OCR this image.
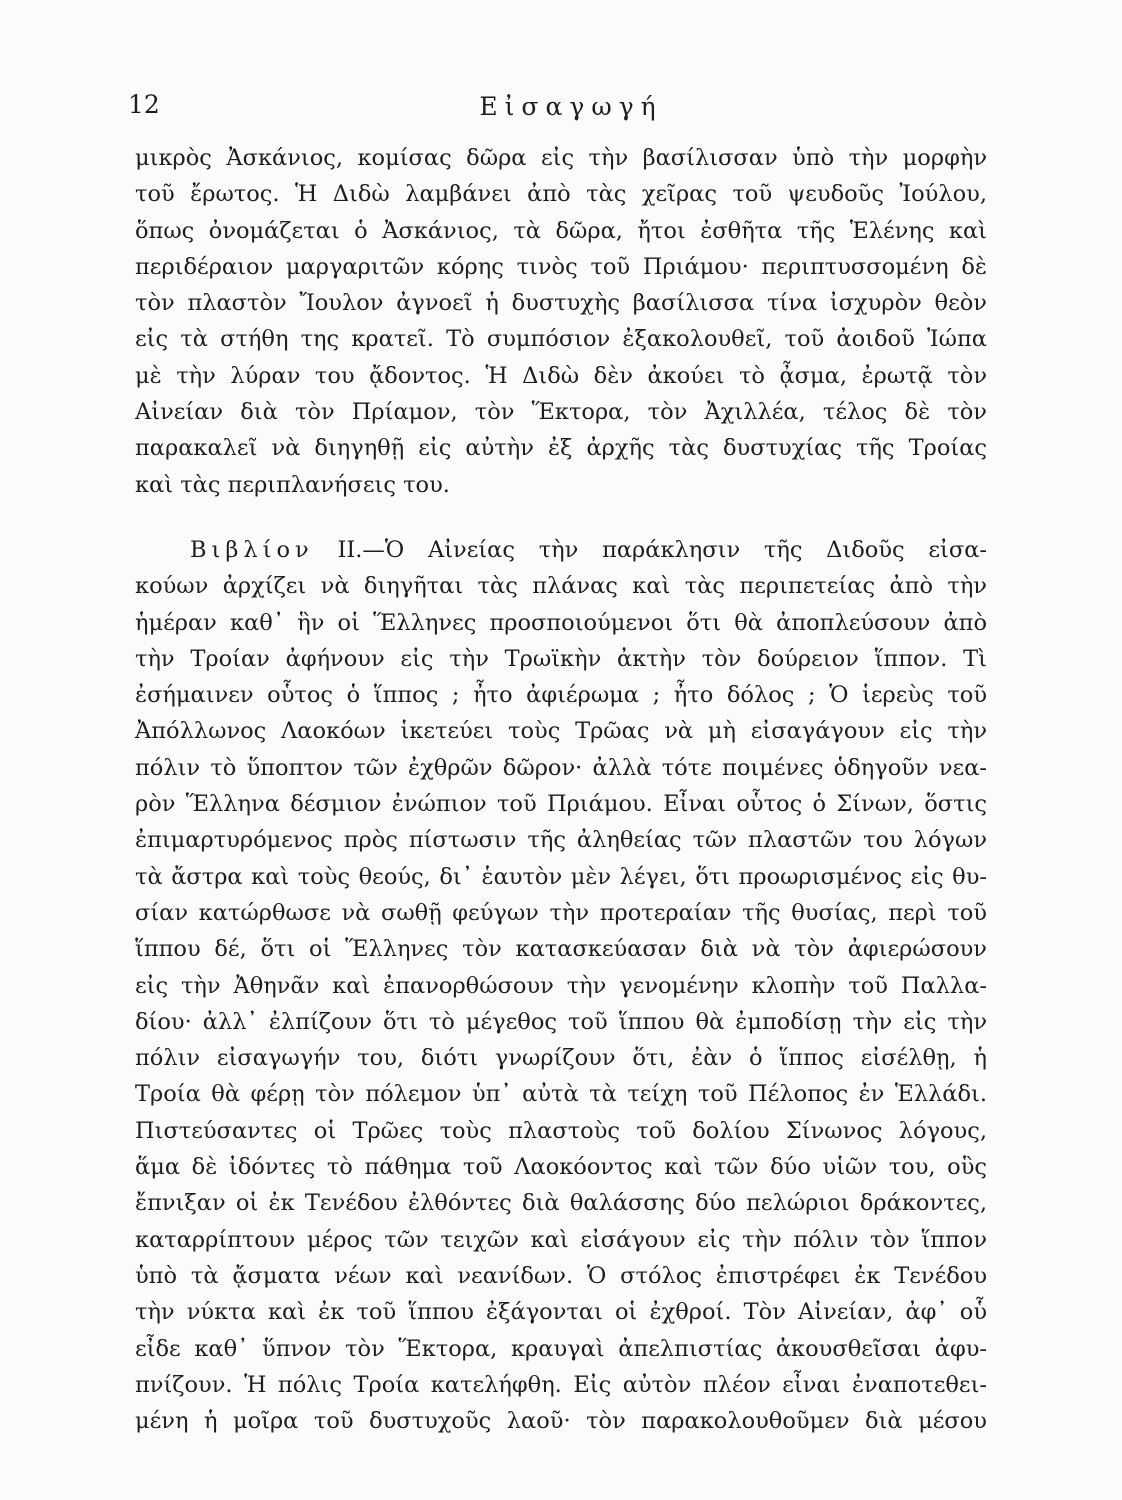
12	Εἰσαγωγή
μικρὸς Ἀσκάνιος, κομίσας δῶρα εἰς τὴν βασίλισσαν ὑπὸ τὴν μορφὴν
τοῦ ἔρωτος. Ἡ Διδὼ λαμβάνει ἀπὸ τὰς χεῖρας τοῦ ψευδοῦς Ἰούλου,
ὅπως ὀνομάζεται ὁ Ἀσκάνιος, τὰ δῶρα, ἤτοι ἐσθῆτα τῆς Ἑλένης καὶ
περιδέραιον μαργαριτῶν κόρης τινὸς τοῦ Πριάμου· περιπτυσσομένη δὲ
τὸν πλαστὸν Ἴουλον ἀγνοεῖ ἡ δυστυχὴς βασίλισσα τίνα ἰσχυρὸν θεὸν
εἰς τὰ στήθη της κρατεῖ. Τὸ συμπόσιον ἐξακολουθεῖ, τοῦ ἀοιδοῦ Ἰώπα
μὲ τὴν λύραν του ᾄδοντος. Ἡ Διδὼ δὲν ἀκούει τὸ ᾆσμα, ἐρωτᾷ τὸν
Αἰνείαν διὰ τὸν Πρίαμον, τὸν Ἕκτορα, τὸν Ἀχιλλέα, τέλος δὲ τὸν
παρακαλεῖ νὰ διηγηθῇ εἰς αὐτὴν ἐξ ἀρχῆς τὰς δυστυχίας τῆς Τροίας
καὶ τὰς περιπλανήσεις του.
Βιβλίον ΙΙ.—Ὁ Αἰνείας τὴν παράκλησιν τῆς Διδοῦς εἰσα-
κούων ἀρχίζει νὰ διηγῆται τὰς πλάνας καὶ τὰς περιπετείας ἀπὸ τὴν
ἡμέραν καθ᾽ ἣν οἱ Ἕλληνες προσποιούμενοι ὅτι θὰ ἀποπλεύσουν ἀπὸ
τὴν Τροίαν ἀφήνουν εἰς τὴν Τρωϊκὴν ἀκτὴν τὸν δούρειον ἵππον. Τὶ
ἐσήμαινεν οὗτος ὁ ἵππος ; ἦτο ἀφιέρωμα ; ἦτο δόλος ; Ὁ ἱερεὺς τοῦ
Ἀπόλλωνος Λαοκόων ἱκετεύει τοὺς Τρῶας νὰ μὴ εἰσαγάγουν εἰς τὴν
πόλιν τὸ ὕποπτον τῶν ἐχθρῶν δῶρον· ἀλλὰ τότε ποιμένες ὁδηγοῦν νεα-
ρὸν Ἕλληνα δέσμιον ἐνώπιον τοῦ Πριάμου. Εἶναι οὗτος ὁ Σίνων, ὅστις
ἐπιμαρτυρόμενος πρὸς πίστωσιν τῆς ἀληθείας τῶν πλαστῶν του λόγων
τὰ ἄστρα καὶ τοὺς θεούς, δι᾽ ἑαυτὸν μὲν λέγει, ὅτι προωρισμένος εἰς θυ-
σίαν κατώρθωσε νὰ σωθῇ φεύγων τὴν προτεραίαν τῆς θυσίας, περὶ τοῦ
ἵππου δέ, ὅτι οἱ Ἕλληνες τὸν κατασκεύασαν διὰ νὰ τὸν ἀφιερώσουν
εἰς τὴν Ἀθηνᾶν καὶ ἐπανορθώσουν τὴν γενομένην κλοπὴν τοῦ Παλλα-
δίου· ἀλλ᾽ ἐλπίζουν ὅτι τὸ μέγεθος τοῦ ἵππου θὰ ἐμποδίσῃ τὴν εἰς τὴν
πόλιν εἰσαγωγήν του, διότι γνωρίζουν ὅτι, ἐὰν ὁ ἵππος εἰσέλθῃ, ἡ
Τροία θὰ φέρῃ τὸν πόλεμον ὑπ᾽ αὐτὰ τὰ τείχη τοῦ Πέλοπος ἐν Ἑλλάδι.
Πιστεύσαντες οἱ Τρῶες τοὺς πλαστοὺς τοῦ δολίου Σίνωνος λόγους,
ἅμα δὲ ἰδόντες τὸ πάθημα τοῦ Λαοκόοντος καὶ τῶν δύο υἱῶν του, οὓς
ἔπνιξαν οἱ ἐκ Τενέδου ἐλθόντες διὰ θαλάσσης δύο πελώριοι δράκοντες,
καταρρίπτουν μέρος τῶν τειχῶν καὶ εἰσάγουν εἰς τὴν πόλιν τὸν ἵππον
ὑπὸ τὰ ᾄσματα νέων καὶ νεανίδων. Ὁ στόλος ἐπιστρέφει ἐκ Τενέδου
τὴν νύκτα καὶ ἐκ τοῦ ἵππου ἐξάγονται οἱ ἐχθροί. Τὸν Αἰνείαν, ἀφ᾽ οὗ
εἶδε καθ᾽ ὕπνον τὸν Ἕκτορα, κραυγαὶ ἀπελπιστίας ἀκουσθεῖσαι ἀφυ-
πνίζουν. Ἡ πόλις Τροία κατελήφθη. Εἰς αὐτὸν πλέον εἶναι ἐναποτεθει-
μένη ἡ μοῖρα τοῦ δυστυχοῦς λαοῦ· τὸν παρακολουθοῦμεν διὰ μέσου
